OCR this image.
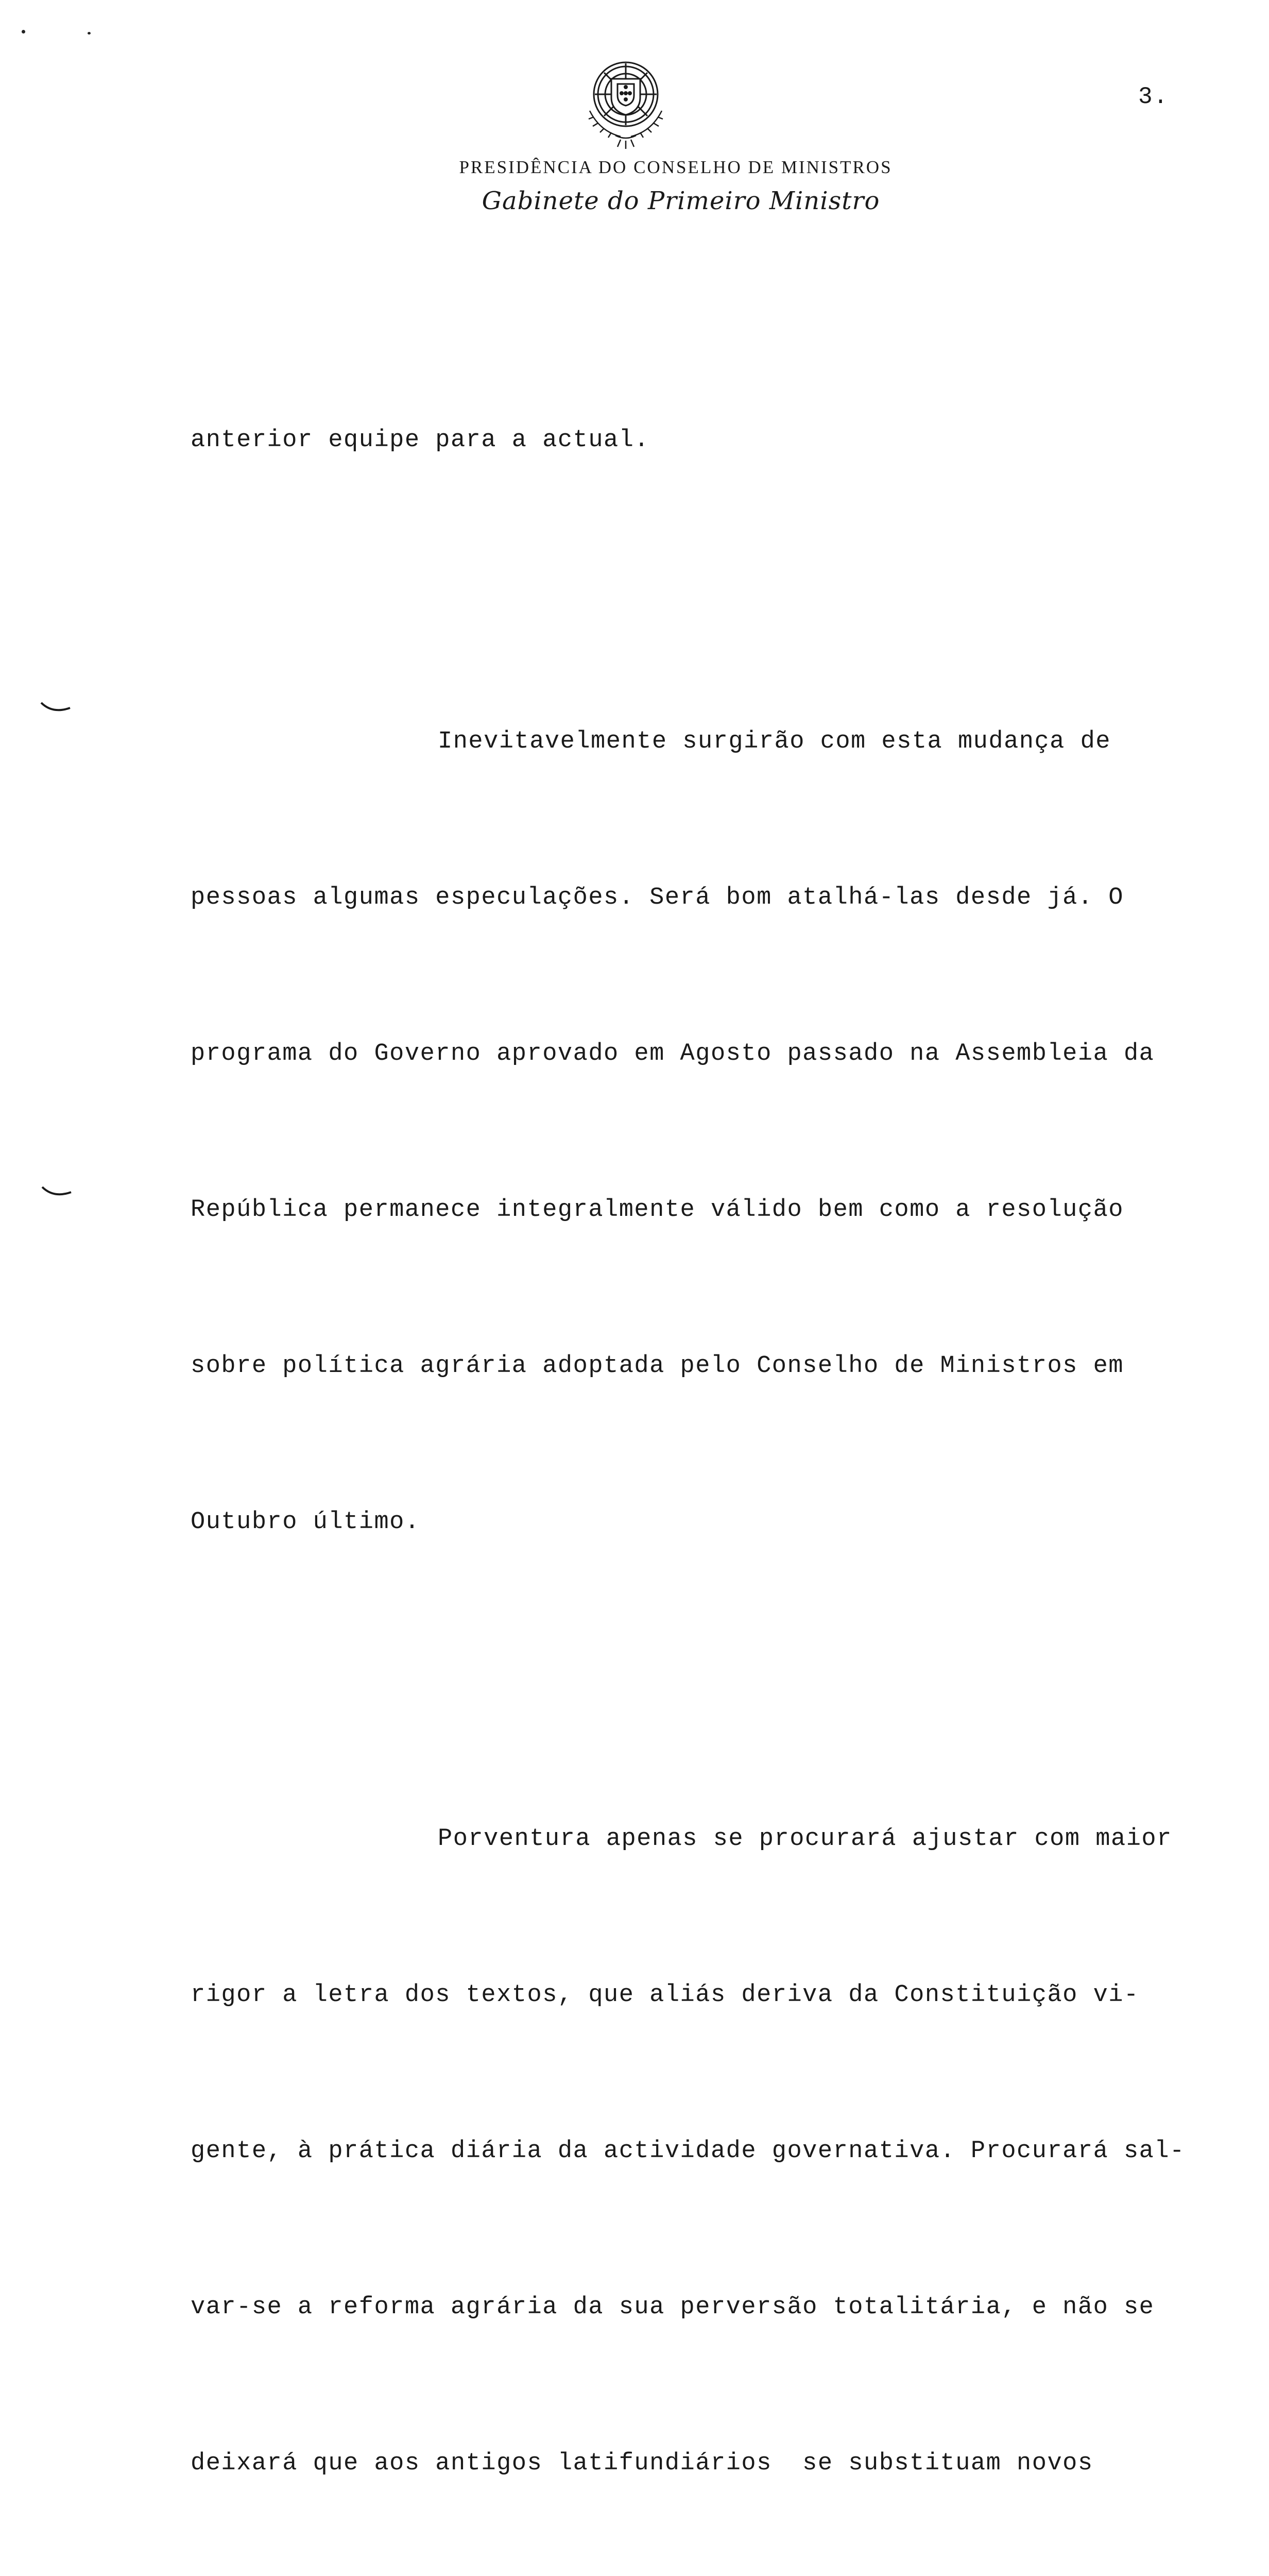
3.
PRESIDÊNCIA DO CONSELHO DE MINISTROS
Gabinete do Primeiro Ministro

anterior equipe para a actual.

Inevitavelmente surgirão com esta mudança de

pessoas algumas especulações. Será bom atalhá-las desde já. O

programa do Governo aprovado em Agosto passado na Assembleia da

República permanece integralmente válido bem como a resolução

sobre política agrária adoptada pelo Conselho de Ministros em

Outubro último.

Porventura apenas se procurará ajustar com maior

rigor a letra dos textos, que aliás deriva da Constituição vi-

gente, à prática diária da actividade governativa. Procurará sal-

var-se a reforma agrária da sua perversão totalitária, e não se

deixará que aos antigos latifundiários  se substituam novos
